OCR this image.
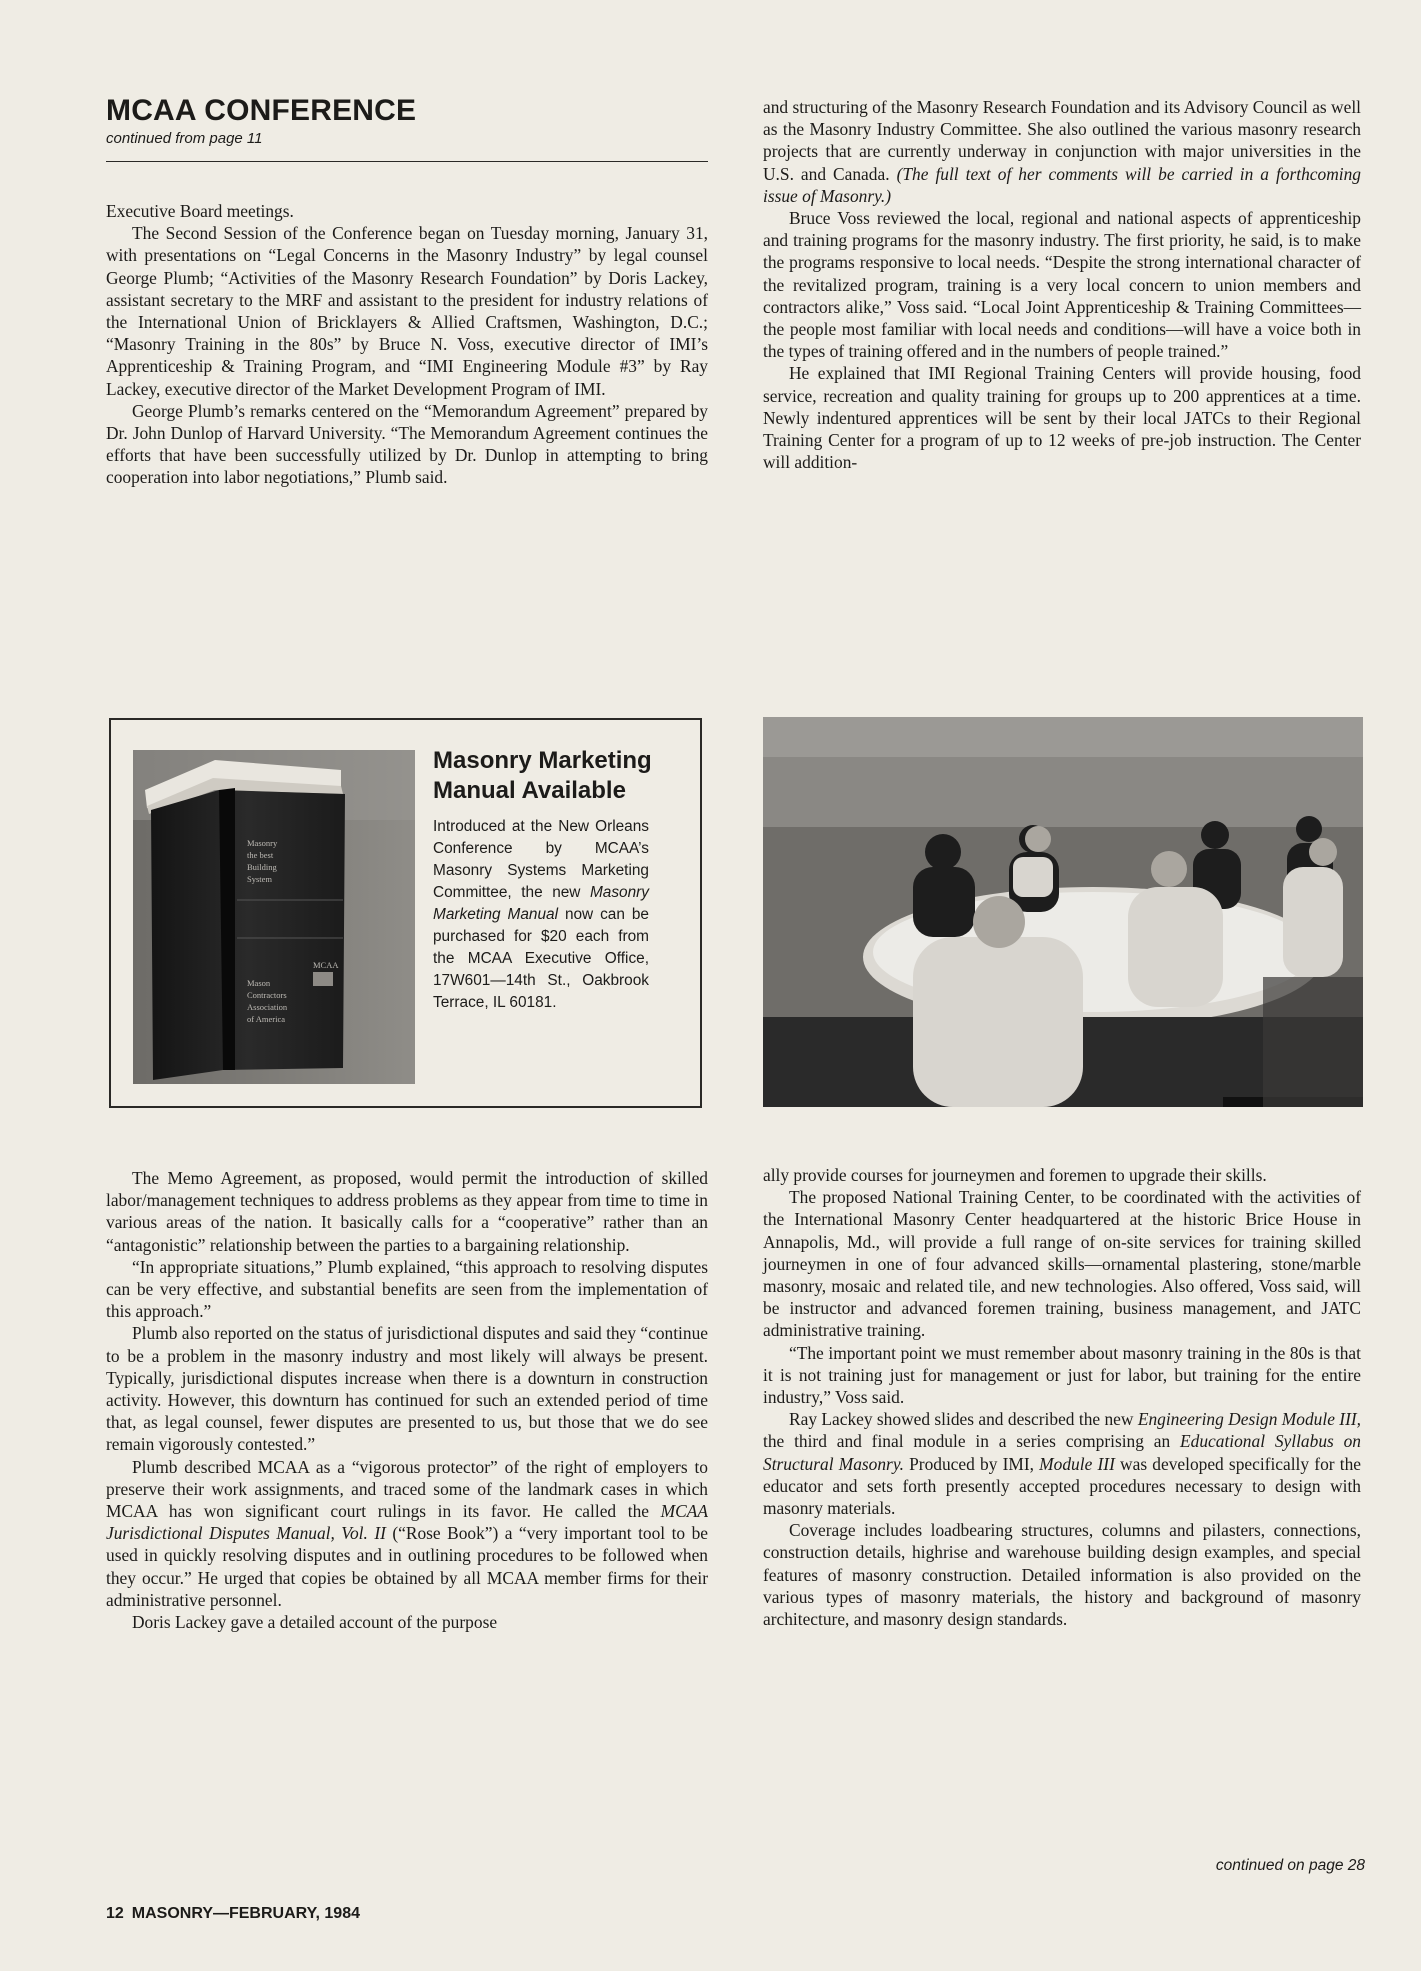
MCAA CONFERENCE
continued from page 11

Executive Board meetings.

The Second Session of the Conference began on Tuesday morning, January 31, with presentations on “Legal Concerns in the Masonry Industry” by legal counsel George Plumb; “Activities of the Masonry Research Foundation” by Doris Lackey, assistant secretary to the MRF and assistant to the president for industry relations of the International Union of Bricklayers & Allied Craftsmen, Washington, D.C.; “Masonry Training in the 80s” by Bruce N. Voss, executive director of IMI’s Apprenticeship & Training Program, and “IMI Engineering Module #3” by Ray Lackey, executive director of the Market Development Program of IMI.

George Plumb’s remarks centered on the “Memorandum Agreement” prepared by Dr. John Dunlop of Harvard University. “The Memorandum Agreement continues the efforts that have been successfully utilized by Dr. Dunlop in attempting to bring cooperation into labor negotiations,” Plumb said.

and structuring of the Masonry Research Foundation and its Advisory Council as well as the Masonry Industry Committee. She also outlined the various masonry research projects that are currently underway in conjunction with major universities in the U.S. and Canada. (The full text of her comments will be carried in a forthcoming issue of Masonry.)

Bruce Voss reviewed the local, regional and national aspects of apprenticeship and training programs for the masonry industry. The first priority, he said, is to make the programs responsive to local needs. “Despite the strong international character of the revitalized program, training is a very local concern to union members and contractors alike,” Voss said. “Local Joint Apprenticeship & Training Committees—the people most familiar with local needs and conditions—will have a voice both in the types of training offered and in the numbers of people trained.”

He explained that IMI Regional Training Centers will provide housing, food service, recreation and quality training for groups up to 200 apprentices at a time. Newly indentured apprentices will be sent by their local JATCs to their Regional Training Center for a program of up to 12 weeks of pre-job instruction. The Center will addition-

Masonry
the best
Building
System
Mason
Contractors
Association
of America
MCAA
Masonry Marketing Manual Available
Introduced at the New Orleans Conference by MCAA’s Masonry Systems Marketing Committee, the new Masonry Marketing Manual now can be purchased for $20 each from the MCAA Executive Office, 17W601—14th St., Oakbrook Terrace, IL 60181.

The Memo Agreement, as proposed, would permit the introduction of skilled labor/management techniques to address problems as they appear from time to time in various areas of the nation. It basically calls for a “cooperative” rather than an “antagonistic” relationship between the parties to a bargaining relationship.

“In appropriate situations,” Plumb explained, “this approach to resolving disputes can be very effective, and substantial benefits are seen from the implementation of this approach.”

Plumb also reported on the status of jurisdictional disputes and said they “continue to be a problem in the masonry industry and most likely will always be present. Typically, jurisdictional disputes increase when there is a downturn in construction activity. However, this downturn has continued for such an extended period of time that, as legal counsel, fewer disputes are presented to us, but those that we do see remain vigorously contested.”

Plumb described MCAA as a “vigorous protector” of the right of employers to preserve their work assignments, and traced some of the landmark cases in which MCAA has won significant court rulings in its favor. He called the MCAA Jurisdictional Disputes Manual, Vol. II (“Rose Book”) a “very important tool to be used in quickly resolving disputes and in outlining procedures to be followed when they occur.” He urged that copies be obtained by all MCAA member firms for their administrative personnel.

Doris Lackey gave a detailed account of the purpose

ally provide courses for journeymen and foremen to upgrade their skills.

The proposed National Training Center, to be coordinated with the activities of the International Masonry Center headquartered at the historic Brice House in Annapolis, Md., will provide a full range of on-site services for training skilled journeymen in one of four advanced skills—ornamental plastering, stone/marble masonry, mosaic and related tile, and new technologies. Also offered, Voss said, will be instructor and advanced foremen training, business management, and JATC administrative training.

“The important point we must remember about masonry training in the 80s is that it is not training just for management or just for labor, but training for the entire industry,” Voss said.

Ray Lackey showed slides and described the new Engineering Design Module III, the third and final module in a series comprising an Educational Syllabus on Structural Masonry. Produced by IMI, Module III was developed specifically for the educator and sets forth presently accepted procedures necessary to design with masonry materials.

Coverage includes loadbearing structures, columns and pilasters, connections, construction details, highrise and warehouse building design examples, and special features of masonry construction. Detailed information is also provided on the various types of masonry materials, the history and background of masonry architecture, and masonry design standards.

continued on page 28
12 MASONRY—FEBRUARY, 1984
